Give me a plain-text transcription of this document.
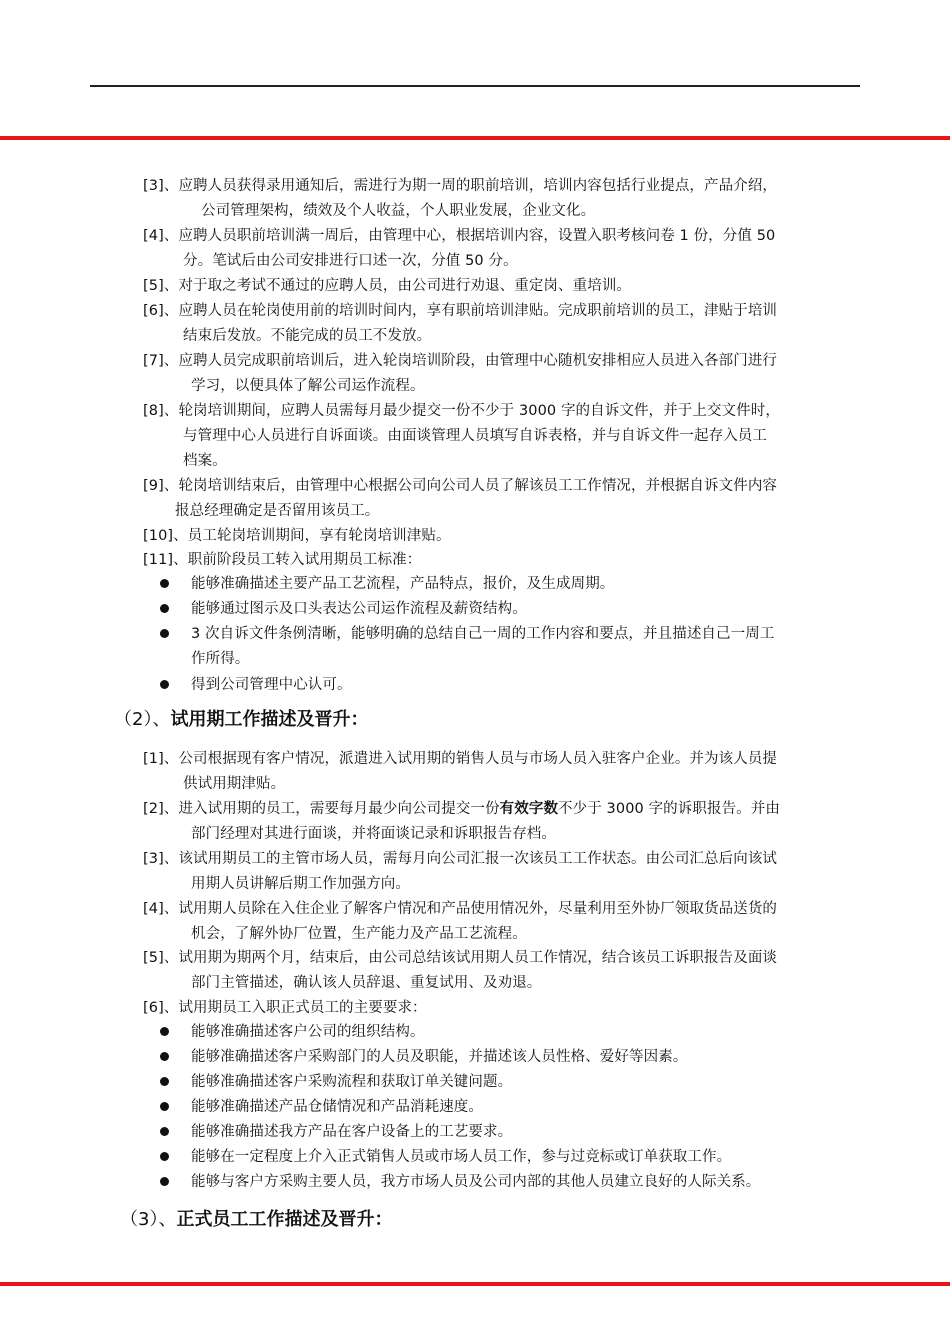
[3]、应聘人员获得录用通知后，需进行为期一周的职前培训，培训内容包括行业提点，产品介绍，
公司管理架构，绩效及个人收益，个人职业发展，企业文化。
[4]、应聘人员职前培训满一周后，由管理中心，根据培训内容，设置入职考核问卷 1 份，分值 50
分。笔试后由公司安排进行口述一次，分值 50 分。
[5]、对于取之考试不通过的应聘人员，由公司进行劝退、重定岗、重培训。
[6]、应聘人员在轮岗使用前的培训时间内，享有职前培训津贴。完成职前培训的员工，津贴于培训
结束后发放。不能完成的员工不发放。
[7]、应聘人员完成职前培训后，进入轮岗培训阶段，由管理中心随机安排相应人员进入各部门进行
学习，以便具体了解公司运作流程。
[8]、轮岗培训期间，应聘人员需每月最少提交一份不少于 3000 字的自诉文件，并于上交文件时，
与管理中心人员进行自诉面谈。由面谈管理人员填写自诉表格，并与自诉文件一起存入员工
档案。
[9]、轮岗培训结束后，由管理中心根据公司向公司人员了解该员工工作情况，并根据自诉文件内容
报总经理确定是否留用该员工。
[10]、员工轮岗培训期间，享有轮岗培训津贴。
[11]、职前阶段员工转入试用期员工标准：
能够准确描述主要产品工艺流程，产品特点，报价，及生成周期。
能够通过图示及口头表达公司运作流程及薪资结构。
3 次自诉文件条例清晰，能够明确的总结自己一周的工作内容和要点，并且描述自己一周工
作所得。
得到公司管理中心认可。
（2）、试用期工作描述及晋升：
[1]、公司根据现有客户情况，派遣进入试用期的销售人员与市场人员入驻客户企业。并为该人员提
供试用期津贴。
[2]、进入试用期的员工，需要每月最少向公司提交一份有效字数不少于 3000 字的诉职报告。并由
部门经理对其进行面谈，并将面谈记录和诉职报告存档。
[3]、该试用期员工的主管市场人员，需每月向公司汇报一次该员工工作状态。由公司汇总后向该试
用期人员讲解后期工作加强方向。
[4]、试用期人员除在入住企业了解客户情况和产品使用情况外，尽量利用至外协厂领取货品送货的
机会，了解外协厂位置，生产能力及产品工艺流程。
[5]、试用期为期两个月，结束后，由公司总结该试用期人员工作情况，结合该员工诉职报告及面谈
部门主管描述，确认该人员辞退、重复试用、及劝退。
[6]、试用期员工入职正式员工的主要要求：
能够准确描述客户公司的组织结构。
能够准确描述客户采购部门的人员及职能，并描述该人员性格、爱好等因素。
能够准确描述客户采购流程和获取订单关键问题。
能够准确描述产品仓储情况和产品消耗速度。
能够准确描述我方产品在客户设备上的工艺要求。
能够在一定程度上介入正式销售人员或市场人员工作，参与过竞标或订单获取工作。
能够与客户方采购主要人员，我方市场人员及公司内部的其他人员建立良好的人际关系。
（3）、正式员工工作描述及晋升：
